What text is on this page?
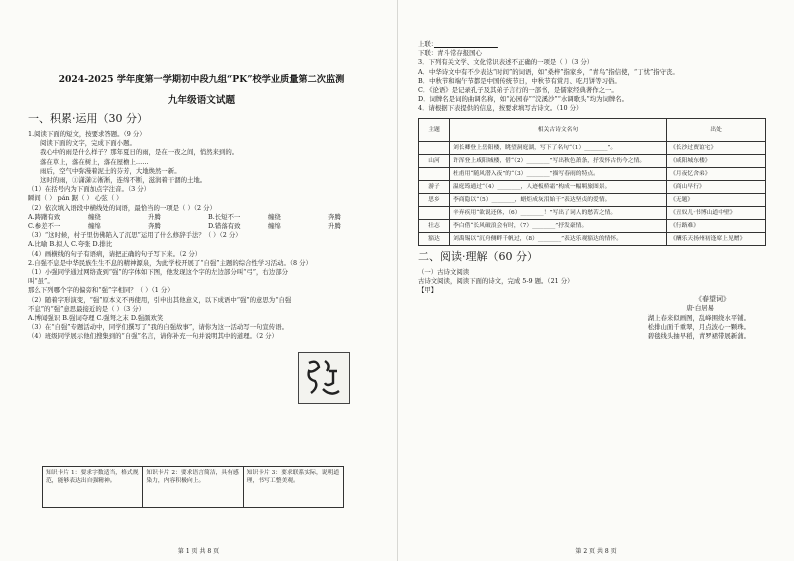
2024-2025 学年度第一学期初中段九组“PK”校学业质量第二次监测

九年级语文试题

一、积累·运用（30 分）

1.阅读下面的短文，按要求答题。（9 分）

阅读下面的文字，完成下面小题。

我心中的雨是什么样子？那年夏日的雨，是在一夜之间，悄然来到的。

落在草上，落在树上，落在屋檐上……

雨后，空气中弥漫着泥土的芬芳，大地焕然一新。

这时的雨，①潇潇②淅淅，连绵不断，滋润着干涸的土地。

（1）在括号内为下面加点字注音。（3 分）

瞬间（ ） pán 踞（ ） 心弦（ ）

（2）依次填入语段中横线处的词语，最恰当的一项是（ ）（2 分）

A.踌躇有致	缠绕	升腾	B.长短不一	缠绕	奔腾
C.参差不一	缠绵	奔腾	D.错落有致	缠绵	升腾

（3）“这时候，村子里仿佛陷入了沉思”运用了什么修辞手法？（ ）（2 分）

A.比喻 B.拟人 C.夸张 D.排比

（4）画横线的句子有语病，请把正确的句子写下来。（2 分）

2.自强不息是中华民族生生不息的精神源泉，为此学校开展了“自强”主题的综合性学习活动。（8 分）

（1）小强同学通过网络查到“强”的字体如下图，他发现这个字的左边部分叫“弓”，右边部分叫“虽”。

那么下列哪个字的偏旁和“强”字相同？（ ）（1 分）

（2）随着字形演变，“强”原本义不再使用，引申出其他意义，以下成语中“强”的意思为“自强不息”的“强”意思最接近的是（ ）（3 分）

A.博闻强识 B.强词夺理 C.强弩之末 D.强颜欢笑

（3）在“自强”专题活动中，同学们撰写了“我的自强故事”，请你为这一活动写一句宣传语。

（4）班级同学展示他们搜集到的“自强”名言，请你补充一句并说明其中的道理。（2 分）

第 1 页 共 8 页
知识卡片 1：要求字数适当，格式规范，能够表达出自强精神。
知识卡片 2：要求语言简洁，具有感染力，内容积极向上。
知识卡片 3：要求联系实际，说明道理，书写工整美观。

上联：　　　　　　　　　　

下联：青斗常存报国心

3．下列有关文学、文化常识表述不正确的一项是（ ）（3 分）

A．中华诗文中有不少表达“时间”的词语，如“桑梓”指家乡，“青鸟”指信使，“丁忧”指守丧。

B．中秋节和端午节都是中国传统节日，中秋节有赏月、吃月饼等习俗。

C．《论语》是记录孔子及其弟子言行的一部书，是儒家经典著作之一。

D．词牌名是词的曲调名称，如“沁园春”“浣溪沙”“水调歌头”均为词牌名。

4．请根据下表提供的信息，按要求填写古诗文。（10 分）

主题	相关古诗文名句	出处
	刘长卿登上岳阳楼，眺望洞庭湖，写下了名句“（1）________”。	《长沙过贾谊宅》
山河	许浑登上咸阳城楼，借“（2）________”写出秋色萧条，抒发怀古伤今之情。	《咸阳城东楼》
	杜甫用“随风潜入夜”的“（3）________”描写春雨的特点。	《月夜忆舍弟》
游子	温庭筠通过“（4）________，人迹板桥霜”构成一幅羁旅图景。	《商山早行》
思乡	李商隐以“（5）________，蜡炬成灰泪始干”表达坚贞的爱情。	《无题》
	辛弃疾用“欲说还休，（6）________！”写出了词人的愁苦之情。	《丑奴儿·书博山道中壁》
壮志	李白借“长风破浪会有时，（7）________”抒发豪情。	《行路难》
豁达	刘禹锡以“沉舟侧畔千帆过，（8）________”表达乐观豁达的情怀。	《酬乐天扬州初逢席上见赠》

二、阅读·理解（60 分）

（一）古诗文阅读

古诗文阅读，阅读下面的诗文，完成 5-9 题。（21 分）

【甲】

《春望词》

唐·白居易

湖上春来似画图，乱峰围绕水平铺。

松排山面千重翠，月点波心一颗珠。

碧毯线头抽早稻，青罗裙带展新蒲。

第 2 页 共 8 页
